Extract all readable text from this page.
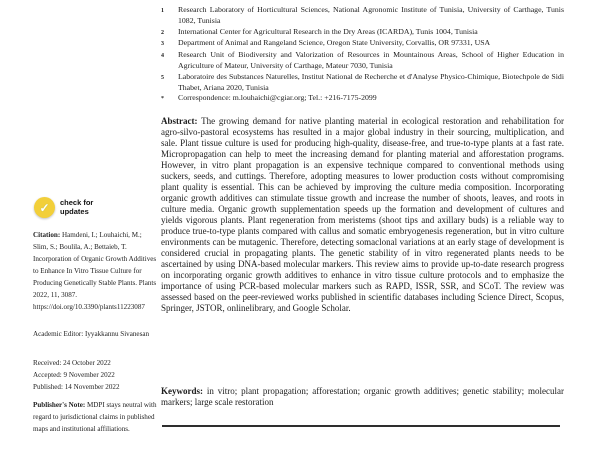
✓
check for
updates
Citation: Hamdeni, I.; Louhaichi, M.; Slim, S.; Boulila, A.; Bettaieb, T. Incorporation of Organic Growth Additives to Enhance In Vitro Tissue Culture for Producing Genetically Stable Plants. Plants 2022, 11, 3087. https://doi.org/10.3390/plants11223087
Academic Editor: Iyyakkannu Sivanesan
Received: 24 October 2022
Accepted: 9 November 2022
Published: 14 November 2022
Publisher's Note: MDPI stays neutral with regard to jurisdictional claims in published maps and institutional affiliations.
1	Research Laboratory of Horticultural Sciences, National Agronomic Institute of Tunisia, University of Carthage, Tunis 1082, Tunisia
2	International Center for Agricultural Research in the Dry Areas (ICARDA), Tunis 1004, Tunisia
3	Department of Animal and Rangeland Science, Oregon State University, Corvallis, OR 97331, USA
4	Research Unit of Biodiversity and Valorization of Resources in Mountainous Areas, School of Higher Education in Agriculture of Mateur, University of Carthage, Mateur 7030, Tunisia
5	Laboratoire des Substances Naturelles, Institut National de Recherche et d'Analyse Physico-Chimique, Biotechpole de Sidi Thabet, Ariana 2020, Tunisia
*	Correspondence: m.louhaichi@cgiar.org; Tel.: +216-7175-2099
Abstract: The growing demand for native planting material in ecological restoration and rehabilitation for agro-silvo-pastoral ecosystems has resulted in a major global industry in their sourcing, multiplication, and sale. Plant tissue culture is used for producing high-quality, disease-free, and true-to-type plants at a fast rate. Micropropagation can help to meet the increasing demand for planting material and afforestation programs. However, in vitro plant propagation is an expensive technique compared to conventional methods using suckers, seeds, and cuttings. Therefore, adopting measures to lower production costs without compromising plant quality is essential. This can be achieved by improving the culture media composition. Incorporating organic growth additives can stimulate tissue growth and increase the number of shoots, leaves, and roots in culture media. Organic growth supplementation speeds up the formation and development of cultures and yields vigorous plants. Plant regeneration from meristems (shoot tips and axillary buds) is a reliable way to produce true-to-type plants compared with callus and somatic embryogenesis regeneration, but in vitro culture environments can be mutagenic. Therefore, detecting somaclonal variations at an early stage of development is considered crucial in propagating plants. The genetic stability of in vitro regenerated plants needs to be ascertained by using DNA-based molecular markers. This review aims to provide up-to-date research progress on incorporating organic growth additives to enhance in vitro tissue culture protocols and to emphasize the importance of using PCR-based molecular markers such as RAPD, ISSR, SSR, and SCoT. The review was assessed based on the peer-reviewed works published in scientific databases including Science Direct, Scopus, Springer, JSTOR, onlinelibrary, and Google Scholar.
Keywords: in vitro; plant propagation; afforestation; organic growth additives; genetic stability; molecular markers; large scale restoration
